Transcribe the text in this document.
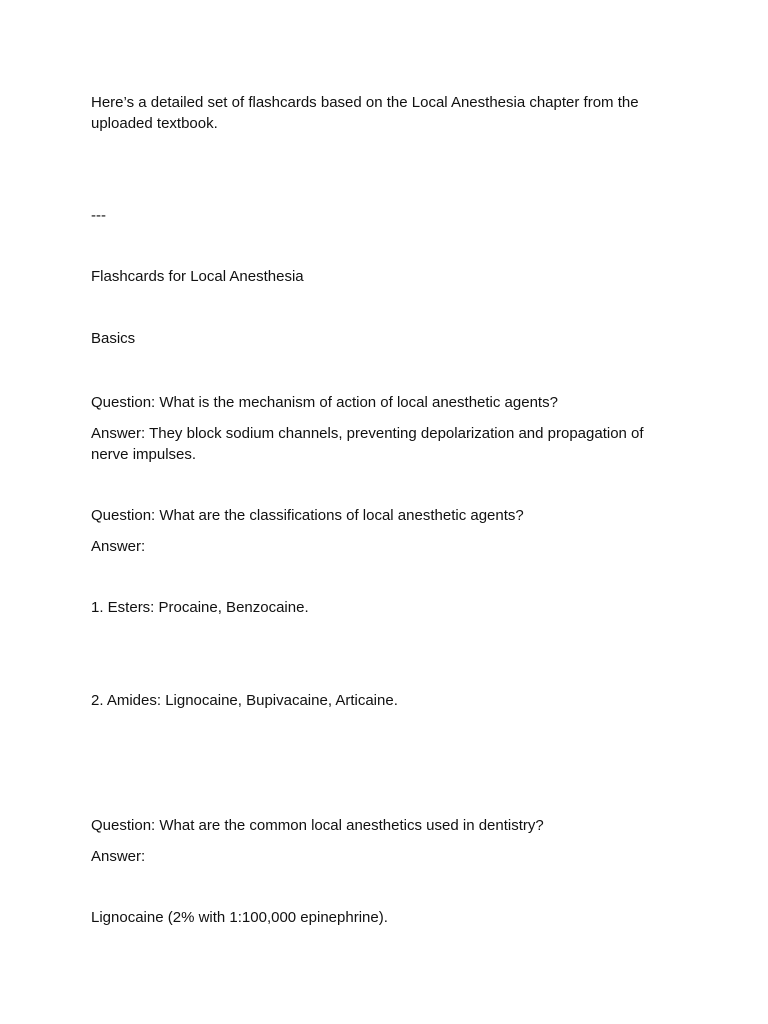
Here’s a detailed set of flashcards based on the Local Anesthesia chapter from the uploaded textbook.
---
Flashcards for Local Anesthesia
Basics
Question: What is the mechanism of action of local anesthetic agents?
Answer: They block sodium channels, preventing depolarization and propagation of nerve impulses.
Question: What are the classifications of local anesthetic agents?
Answer:
1. Esters: Procaine, Benzocaine.
2. Amides: Lignocaine, Bupivacaine, Articaine.
Question: What are the common local anesthetics used in dentistry?
Answer:
Lignocaine (2% with 1:100,000 epinephrine).
